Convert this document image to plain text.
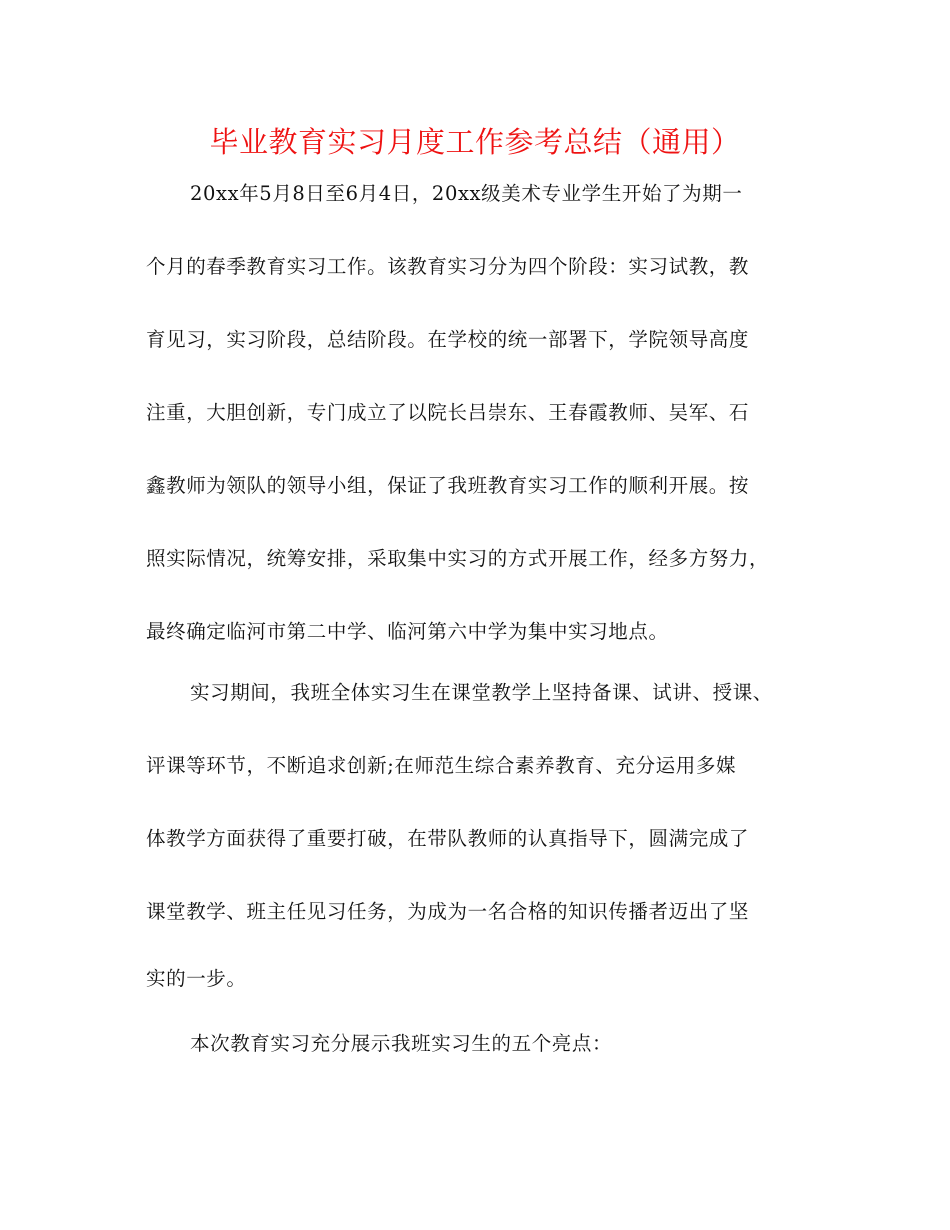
毕业教育实习月度工作参考总结（通用）
20xx年5月8日至6月4日，20xx级美术专业学生开始了为期一
个月的春季教育实习工作。该教育实习分为四个阶段：实习试教，教
育见习，实习阶段，总结阶段。在学校的统一部署下，学院领导高度
注重，大胆创新，专门成立了以院长吕崇东、王春霞教师、吴军、石
鑫教师为领队的领导小组，保证了我班教育实习工作的顺利开展。按
照实际情况，统筹安排，采取集中实习的方式开展工作，经多方努力，
最终确定临河市第二中学、临河第六中学为集中实习地点。
实习期间，我班全体实习生在课堂教学上坚持备课、试讲、授课、
评课等环节，不断追求创新;在师范生综合素养教育、充分运用多媒
体教学方面获得了重要打破，在带队教师的认真指导下，圆满完成了
课堂教学、班主任见习任务，为成为一名合格的知识传播者迈出了坚
实的一步。
本次教育实习充分展示我班实习生的五个亮点：
